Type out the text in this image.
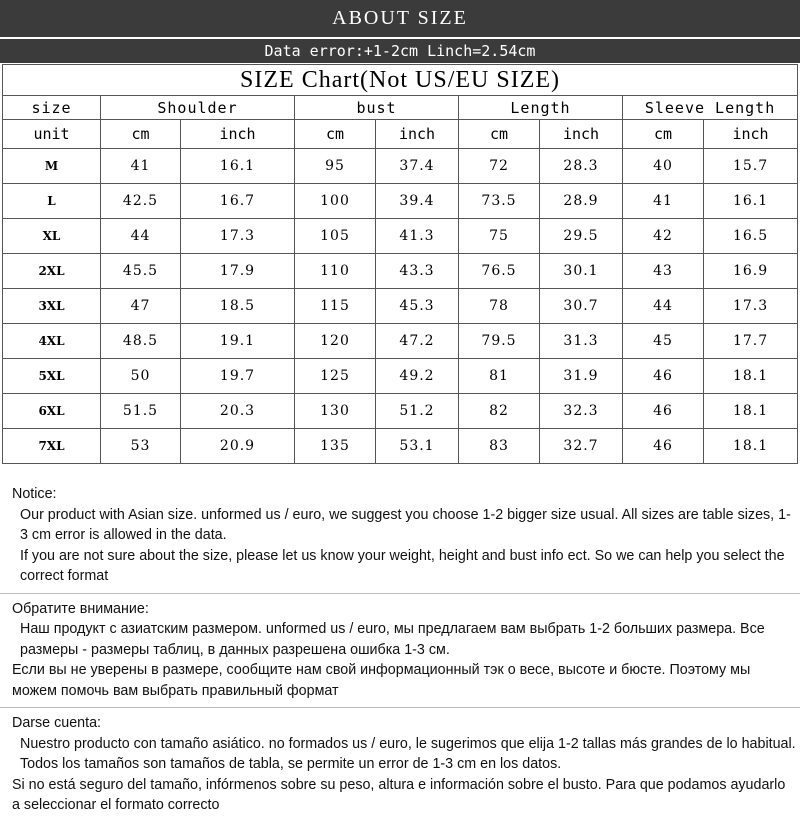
ABOUT SIZE
Data error:+1-2cm Linch=2.54cm
SIZE Chart(Not US/EU SIZE)								
size	Shoulder		bust		Length		Sleeve Length	
unit	cm	inch	cm	inch	cm	inch	cm	inch
M	41	16.1	95	37.4	72	28.3	40	15.7
L	42.5	16.7	100	39.4	73.5	28.9	41	16.1
XL	44	17.3	105	41.3	75	29.5	42	16.5
2XL	45.5	17.9	110	43.3	76.5	30.1	43	16.9
3XL	47	18.5	115	45.3	78	30.7	44	17.3
4XL	48.5	19.1	120	47.2	79.5	31.3	45	17.7
5XL	50	19.7	125	49.2	81	31.9	46	18.1
6XL	51.5	20.3	130	51.2	82	32.3	46	18.1
7XL	53	20.9	135	53.1	83	32.7	46	18.1
Notice:
Our product with Asian size. unformed us / euro, we suggest you choose 1-2 bigger size usual. All sizes are table sizes, 1-3 cm error is allowed in the data.
If you are not sure about the size, please let us know your weight, height and bust info ect. So we can help you select the correct format
Обратите внимание:
Наш продукт с азиатским размером. unformed us / euro, мы предлагаем вам выбрать 1-2 больших размера. Все размеры - размеры таблиц, в данных разрешена ошибка 1-3 см.
Если вы не уверены в размере, сообщите нам свой информационный тэк о весе, высоте и бюсте. Поэтому мы можем помочь вам выбрать правильный формат
Darse cuenta:
Nuestro producto con tamaño asiático. no formados us / euro, le sugerimos que elija 1-2 tallas más grandes de lo habitual. Todos los tamaños son tamaños de tabla, se permite un error de 1-3 cm en los datos.
Si no está seguro del tamaño, infórmenos sobre su peso, altura e información sobre el busto. Para que podamos ayudarlo a seleccionar el formato correcto
